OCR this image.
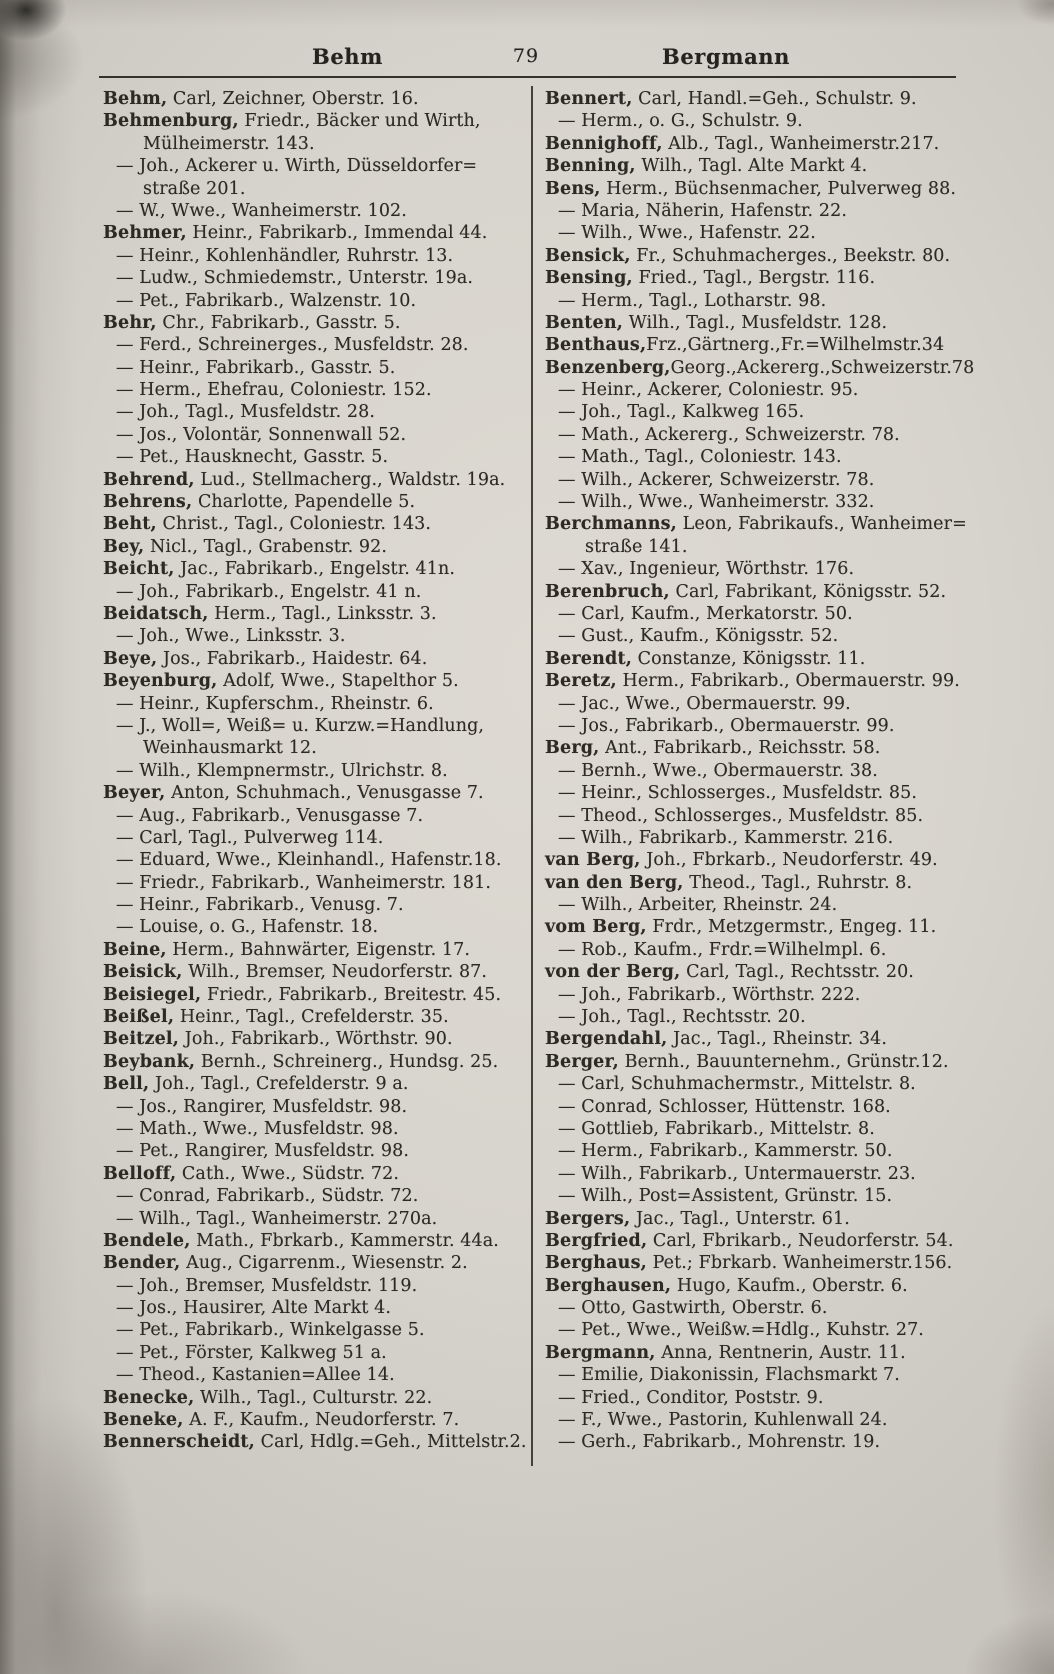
Behm	79	Bergmann
Behm, Carl, Zeichner, Oberstr. 16.
Behmenburg, Friedr., Bäcker und Wirth,
Mülheimerstr. 143.
— Joh., Ackerer u. Wirth, Düsseldorfer=
straße 201.
— W., Wwe., Wanheimerstr. 102.
Behmer, Heinr., Fabrikarb., Immendal 44.
— Heinr., Kohlenhändler, Ruhrstr. 13.
— Ludw., Schmiedemstr., Unterstr. 19a.
— Pet., Fabrikarb., Walzenstr. 10.
Behr, Chr., Fabrikarb., Gasstr. 5.
— Ferd., Schreinerges., Musfeldstr. 28.
— Heinr., Fabrikarb., Gasstr. 5.
— Herm., Ehefrau, Coloniestr. 152.
— Joh., Tagl., Musfeldstr. 28.
— Jos., Volontär, Sonnenwall 52.
— Pet., Hausknecht, Gasstr. 5.
Behrend, Lud., Stellmacherg., Waldstr. 19a.
Behrens, Charlotte, Papendelle 5.
Beht, Christ., Tagl., Coloniestr. 143.
Bey, Nicl., Tagl., Grabenstr. 92.
Beicht, Jac., Fabrikarb., Engelstr. 41n.
— Joh., Fabrikarb., Engelstr. 41 n.
Beidatsch, Herm., Tagl., Linksstr. 3.
— Joh., Wwe., Linksstr. 3.
Beye, Jos., Fabrikarb., Haidestr. 64.
Beyenburg, Adolf, Wwe., Stapelthor 5.
— Heinr., Kupferschm., Rheinstr. 6.
— J., Woll=, Weiß= u. Kurzw.=Handlung,
Weinhausmarkt 12.
— Wilh., Klempnermstr., Ulrichstr. 8.
Beyer, Anton, Schuhmach., Venusgasse 7.
— Aug., Fabrikarb., Venusgasse 7.
— Carl, Tagl., Pulverweg 114.
— Eduard, Wwe., Kleinhandl., Hafenstr.18.
— Friedr., Fabrikarb., Wanheimerstr. 181.
— Heinr., Fabrikarb., Venusg. 7.
— Louise, o. G., Hafenstr. 18.
Beine, Herm., Bahnwärter, Eigenstr. 17.
Beisick, Wilh., Bremser, Neudorferstr. 87.
Beisiegel, Friedr., Fabrikarb., Breitestr. 45.
Beißel, Heinr., Tagl., Crefelderstr. 35.
Beitzel, Joh., Fabrikarb., Wörthstr. 90.
Beybank, Bernh., Schreinerg., Hundsg. 25.
Bell, Joh., Tagl., Crefelderstr. 9 a.
— Jos., Rangirer, Musfeldstr. 98.
— Math., Wwe., Musfeldstr. 98.
— Pet., Rangirer, Musfeldstr. 98.
Belloff, Cath., Wwe., Südstr. 72.
— Conrad, Fabrikarb., Südstr. 72.
— Wilh., Tagl., Wanheimerstr. 270a.
Bendele, Math., Fbrkarb., Kammerstr. 44a.
Bender, Aug., Cigarrenm., Wiesenstr. 2.
— Joh., Bremser, Musfeldstr. 119.
— Jos., Hausirer, Alte Markt 4.
— Pet., Fabrikarb., Winkelgasse 5.
— Pet., Förster, Kalkweg 51 a.
— Theod., Kastanien=Allee 14.
Benecke, Wilh., Tagl., Culturstr. 22.
Beneke, A. F., Kaufm., Neudorferstr. 7.
Bennerscheidt, Carl, Hdlg.=Geh., Mittelstr.2.
Bennert, Carl, Handl.=Geh., Schulstr. 9.
— Herm., o. G., Schulstr. 9.
Bennighoff, Alb., Tagl., Wanheimerstr.217.
Benning, Wilh., Tagl. Alte Markt 4.
Bens, Herm., Büchsenmacher, Pulverweg 88.
— Maria, Näherin, Hafenstr. 22.
— Wilh., Wwe., Hafenstr. 22.
Bensick, Fr., Schuhmacherges., Beekstr. 80.
Bensing, Fried., Tagl., Bergstr. 116.
— Herm., Tagl., Lotharstr. 98.
Benten, Wilh., Tagl., Musfeldstr. 128.
Benthaus,Frz.,Gärtnerg.,Fr.=Wilhelmstr.34
Benzenberg,Georg.,Ackererg.,Schweizerstr.78
— Heinr., Ackerer, Coloniestr. 95.
— Joh., Tagl., Kalkweg 165.
— Math., Ackererg., Schweizerstr. 78.
— Math., Tagl., Coloniestr. 143.
— Wilh., Ackerer, Schweizerstr. 78.
— Wilh., Wwe., Wanheimerstr. 332.
Berchmanns, Leon, Fabrikaufs., Wanheimer=
straße 141.
— Xav., Ingenieur, Wörthstr. 176.
Berenbruch, Carl, Fabrikant, Königsstr. 52.
— Carl, Kaufm., Merkatorstr. 50.
— Gust., Kaufm., Königsstr. 52.
Berendt, Constanze, Königsstr. 11.
Beretz, Herm., Fabrikarb., Obermauerstr. 99.
— Jac., Wwe., Obermauerstr. 99.
— Jos., Fabrikarb., Obermauerstr. 99.
Berg, Ant., Fabrikarb., Reichsstr. 58.
— Bernh., Wwe., Obermauerstr. 38.
— Heinr., Schlosserges., Musfeldstr. 85.
— Theod., Schlosserges., Musfeldstr. 85.
— Wilh., Fabrikarb., Kammerstr. 216.
van Berg, Joh., Fbrkarb., Neudorferstr. 49.
van den Berg, Theod., Tagl., Ruhrstr. 8.
— Wilh., Arbeiter, Rheinstr. 24.
vom Berg, Frdr., Metzgermstr., Engeg. 11.
— Rob., Kaufm., Frdr.=Wilhelmpl. 6.
von der Berg, Carl, Tagl., Rechtsstr. 20.
— Joh., Fabrikarb., Wörthstr. 222.
— Joh., Tagl., Rechtsstr. 20.
Bergendahl, Jac., Tagl., Rheinstr. 34.
Berger, Bernh., Bauunternehm., Grünstr.12.
— Carl, Schuhmachermstr., Mittelstr. 8.
— Conrad, Schlosser, Hüttenstr. 168.
— Gottlieb, Fabrikarb., Mittelstr. 8.
— Herm., Fabrikarb., Kammerstr. 50.
— Wilh., Fabrikarb., Untermauerstr. 23.
— Wilh., Post=Assistent, Grünstr. 15.
Bergers, Jac., Tagl., Unterstr. 61.
Bergfried, Carl, Fbrikarb., Neudorferstr. 54.
Berghaus, Pet.; Fbrkarb. Wanheimerstr.156.
Berghausen, Hugo, Kaufm., Oberstr. 6.
— Otto, Gastwirth, Oberstr. 6.
— Pet., Wwe., Weißw.=Hdlg., Kuhstr. 27.
Bergmann, Anna, Rentnerin, Austr. 11.
— Emilie, Diakonissin, Flachsmarkt 7.
— Fried., Conditor, Poststr. 9.
— F., Wwe., Pastorin, Kuhlenwall 24.
— Gerh., Fabrikarb., Mohrenstr. 19.
